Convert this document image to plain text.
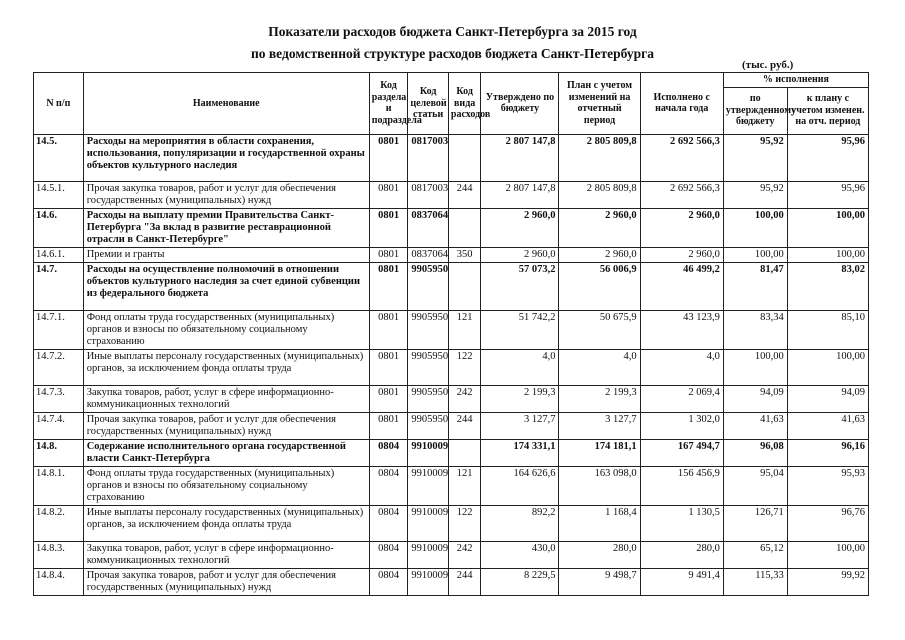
Показатели расходов бюджета Санкт-Петербурга за 2015 год
по ведомственной структуре расходов бюджета Санкт-Петербурга
(тыс. руб.)
N п/п	Наименование	Код раздела и подраздела	Код целевой статьи	Код вида расходов	Утверждено по бюджету	План с учетом изменений на отчетный период	Исполнено с начала года	% исполнения	
								по утвержденному бюджету	к плану с учетом изменен. на отч. период
14.5.	Расходы на мероприятия в области сохранения, использования, популяризации и государственной охраны объектов культурного наследия	0801	0817003		2 807 147,8	2 805 809,8	2 692 566,3	95,92	95,96
14.5.1.	Прочая закупка товаров, работ и услуг для обеспечения государственных (муниципальных) нужд	0801	0817003	244	2 807 147,8	2 805 809,8	2 692 566,3	95,92	95,96
14.6.	Расходы на выплату премии Правительства Санкт-Петербурга "За вклад в развитие реставрационной отрасли в Санкт-Петербурге"	0801	0837064		2 960,0	2 960,0	2 960,0	100,00	100,00
14.6.1.	Премии и гранты	0801	0837064	350	2 960,0	2 960,0	2 960,0	100,00	100,00
14.7.	Расходы на осуществление полномочий в отношении объектов культурного наследия за счет единой субвенции из федерального бюджета	0801	9905950		57 073,2	56 006,9	46 499,2	81,47	83,02
14.7.1.	Фонд оплаты труда государственных (муниципальных) органов и взносы по обязательному социальному страхованию	0801	9905950	121	51 742,2	50 675,9	43 123,9	83,34	85,10
14.7.2.	Иные выплаты персоналу государственных (муниципальных) органов, за исключением фонда оплаты труда	0801	9905950	122	4,0	4,0	4,0	100,00	100,00
14.7.3.	Закупка товаров, работ, услуг в сфере информационно-коммуникационных технологий	0801	9905950	242	2 199,3	2 199,3	2 069,4	94,09	94,09
14.7.4.	Прочая закупка товаров, работ и услуг для обеспечения государственных (муниципальных) нужд	0801	9905950	244	3 127,7	3 127,7	1 302,0	41,63	41,63
14.8.	Содержание исполнительного органа государственной власти Санкт-Петербурга	0804	9910009		174 331,1	174 181,1	167 494,7	96,08	96,16
14.8.1.	Фонд оплаты труда государственных (муниципальных) органов и взносы по обязательному социальному страхованию	0804	9910009	121	164 626,6	163 098,0	156 456,9	95,04	95,93
14.8.2.	Иные выплаты персоналу государственных (муниципальных) органов, за исключением фонда оплаты труда	0804	9910009	122	892,2	1 168,4	1 130,5	126,71	96,76
14.8.3.	Закупка товаров, работ, услуг в сфере информационно-коммуникационных технологий	0804	9910009	242	430,0	280,0	280,0	65,12	100,00
14.8.4.	Прочая закупка товаров, работ и услуг для обеспечения государственных (муниципальных) нужд	0804	9910009	244	8 229,5	9 498,7	9 491,4	115,33	99,92
